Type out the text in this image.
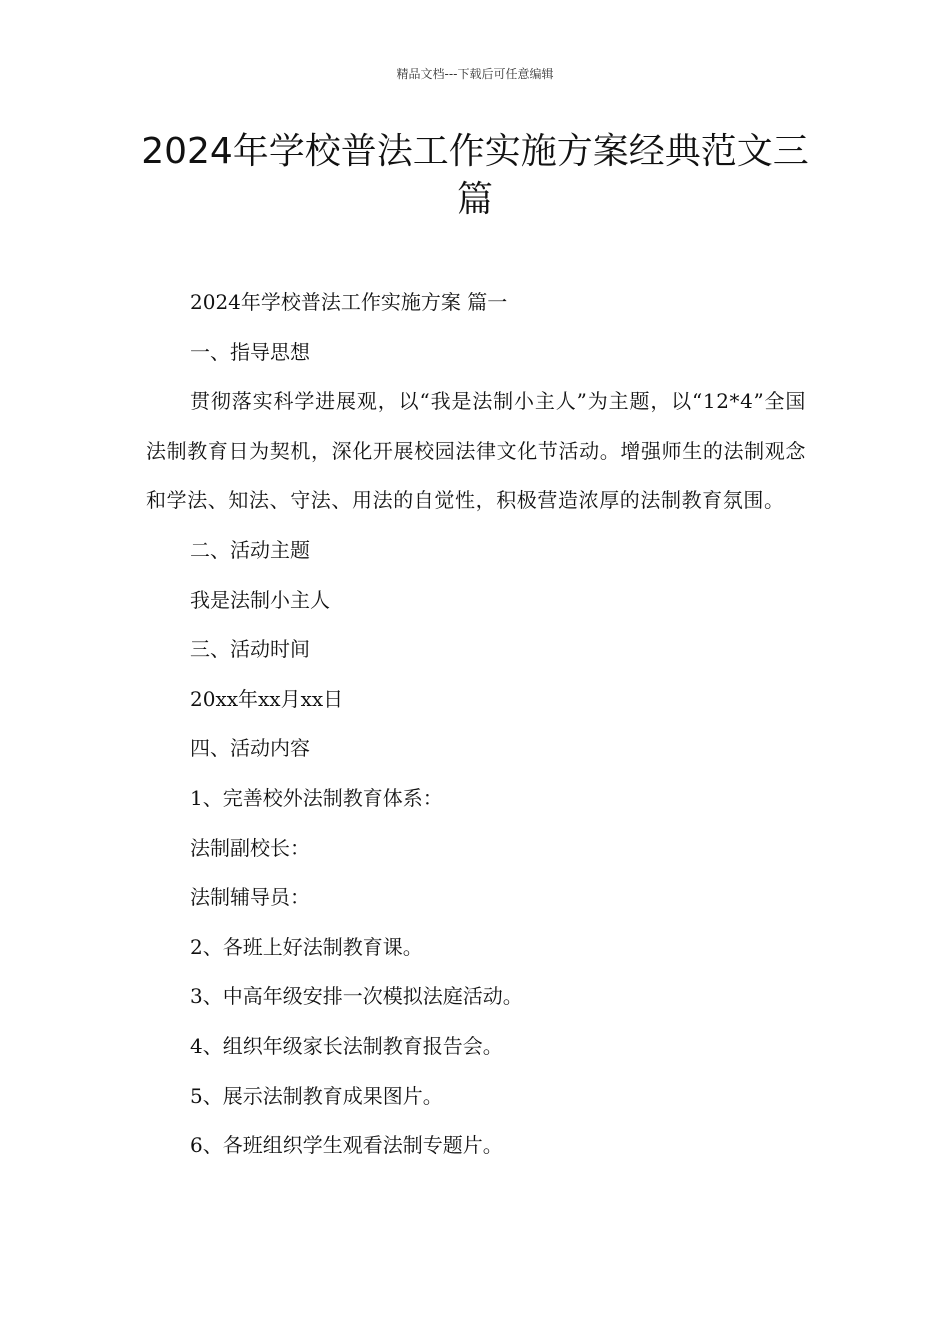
精品文档---下载后可任意编辑
2024年学校普法工作实施方案经典范文三篇
2024年学校普法工作实施方案 篇一
一、指导思想
贯彻落实科学进展观，以“我是法制小主人”为主题，以“12*4”全国法制教育日为契机，深化开展校园法律文化节活动。增强师生的法制观念和学法、知法、守法、用法的自觉性，积极营造浓厚的法制教育氛围。
二、活动主题
我是法制小主人
三、活动时间
20xx年xx月xx日
四、活动内容
1、完善校外法制教育体系：
法制副校长：
法制辅导员：
2、各班上好法制教育课。
3、中高年级安排一次模拟法庭活动。
4、组织年级家长法制教育报告会。
5、展示法制教育成果图片。
6、各班组织学生观看法制专题片。
